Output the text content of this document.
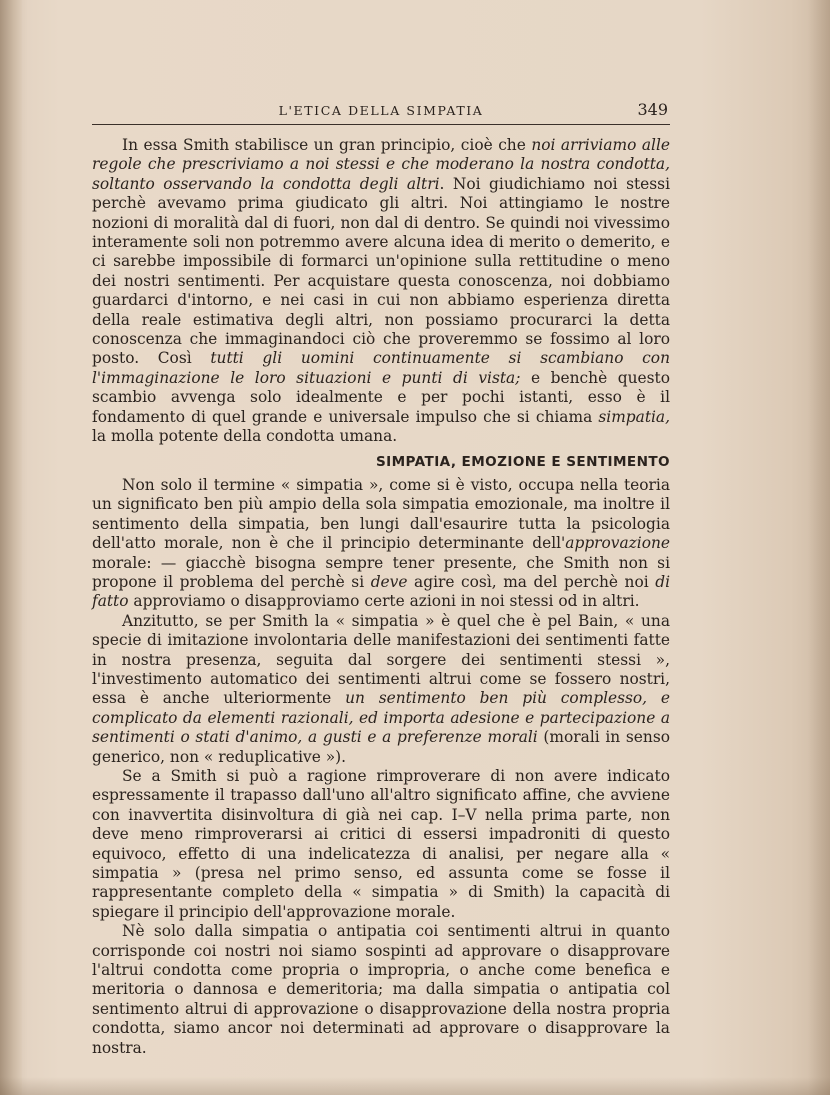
L'ETICA DELLA SIMPATIA	349

In essa Smith stabilisce un gran principio, cioè che noi arriviamo alle regole che prescriviamo a noi stessi e che moderano la nostra condotta, soltanto osservando la condotta degli altri. Noi giudichiamo noi stessi perchè avevamo prima giudicato gli altri. Noi attingiamo le nostre nozioni di moralità dal di fuori, non dal di dentro. Se quindi noi vivessimo interamente soli non potremmo avere alcuna idea di merito o demerito, e ci sarebbe impossibile di formarci un'opinione sulla rettitudine o meno dei nostri sentimenti. Per acquistare questa conoscenza, noi dobbiamo guardarci d'intorno, e nei casi in cui non abbiamo esperienza diretta della reale estimativa degli altri, non possiamo procurarci la detta conoscenza che immaginandoci ciò che proveremmo se fossimo al loro posto. Così tutti gli uomini continuamente si scambiano con l'immaginazione le loro situazioni e punti di vista; e benchè questo scambio avvenga solo idealmente e per pochi istanti, esso è il fondamento di quel grande e universale impulso che si chiama simpatia, la molla potente della condotta umana.

SIMPATIA, EMOZIONE E SENTIMENTO

Non solo il termine « simpatia », come si è visto, occupa nella teoria un significato ben più ampio della sola simpatia emozionale, ma inoltre il sentimento della simpatia, ben lungi dall'esaurire tutta la psicologia dell'atto morale, non è che il principio determinante dell'approvazione morale: — giacchè bisogna sempre tener presente, che Smith non si propone il problema del perchè si deve agire così, ma del perchè noi di fatto approviamo o disapproviamo certe azioni in noi stessi od in altri.

Anzitutto, se per Smith la « simpatia » è quel che è pel Bain, « una specie di imitazione involontaria delle manifestazioni dei sentimenti fatte in nostra presenza, seguita dal sorgere dei sentimenti stessi », l'investimento automatico dei sentimenti altrui come se fossero nostri, essa è anche ulteriormente un sentimento ben più complesso, e complicato da elementi razionali, ed importa adesione e partecipazione a sentimenti o stati d'animo, a gusti e a preferenze morali (morali in senso generico, non « reduplicative »).

Se a Smith si può a ragione rimproverare di non avere indicato espressamente il trapasso dall'uno all'altro significato affine, che avviene con inavvertita disinvoltura di già nei cap. I–V nella prima parte, non deve meno rimproverarsi ai critici di essersi impadroniti di questo equivoco, effetto di una indelicatezza di analisi, per negare alla « simpatia » (presa nel primo senso, ed assunta come se fosse il rappresentante completo della « simpatia » di Smith) la capacità di spiegare il principio dell'approvazione morale.

Nè solo dalla simpatia o antipatia coi sentimenti altrui in quanto corrisponde coi nostri noi siamo sospinti ad approvare o disapprovare l'altrui condotta come propria o impropria, o anche come benefica e meritoria o dannosa e demeritoria; ma dalla simpatia o antipatia col sentimento altrui di approvazione o disapprovazione della nostra propria condotta, siamo ancor noi determinati ad approvare o disapprovare la nostra.
